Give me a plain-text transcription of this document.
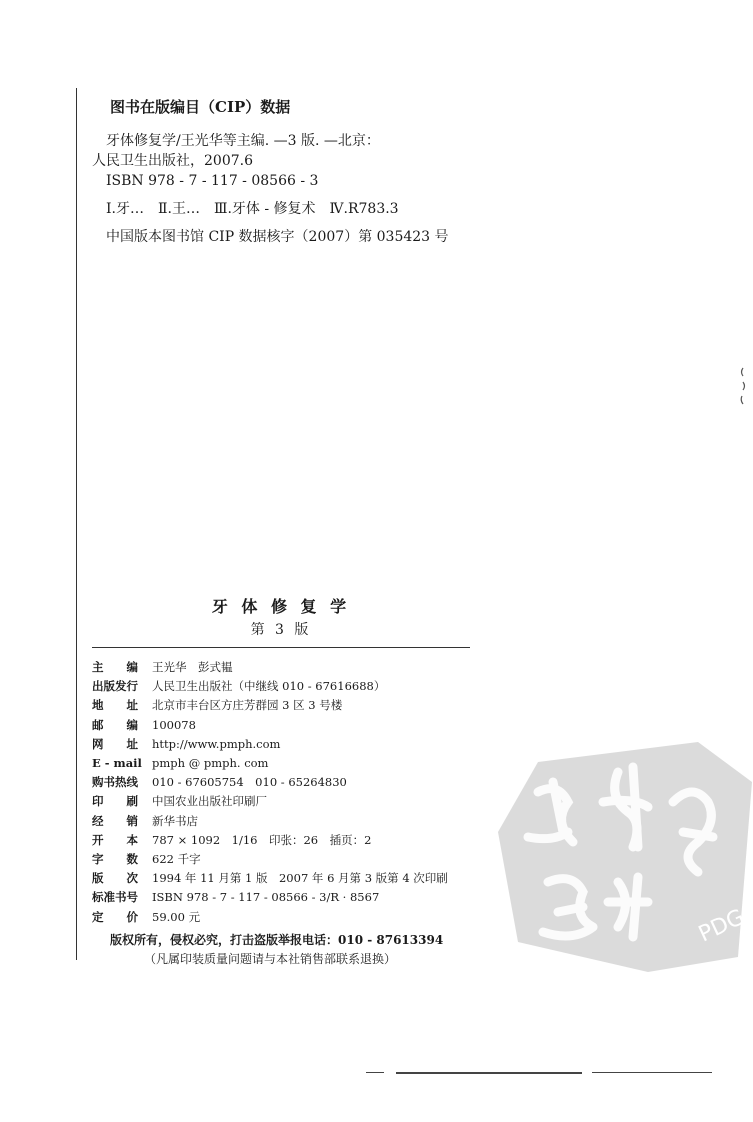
图书在版编目（CIP）数据
牙体修复学/王光华等主编. —3 版. —北京：
人民卫生出版社，2007.6
ISBN 978 - 7 - 117 - 08566 - 3
Ⅰ.牙…　Ⅱ.王…　Ⅲ.牙体 - 修复术　Ⅳ.R783.3
中国版本图书馆 CIP 数据核字（2007）第 035423 号
牙 体 修 复 学
第 3 版
主　　编	王光华　彭式韫
出版发行	人民卫生出版社（中继线 010 - 67616688）
地　　址	北京市丰台区方庄芳群园 3 区 3 号楼
邮　　编	100078
网　　址	http://www.pmph.com
E - mail pmph @ pmph. com
购书热线	010 - 67605754　010 - 65264830
印　　刷	中国农业出版社印刷厂
经　　销	新华书店
开　　本	787 × 1092　1/16　印张：26　插页：2
字　　数	622 千字
版　　次	1994 年 11 月第 1 版　2007 年 6 月第 3 版第 4 次印刷
标准书号	ISBN 978 - 7 - 117 - 08566 - 3/R · 8567
定　　价	59.00 元
版权所有，侵权必究，打击盗版举报电话：010 - 87613394
（凡属印装质量问题请与本社销售部联系退换）
PDG
